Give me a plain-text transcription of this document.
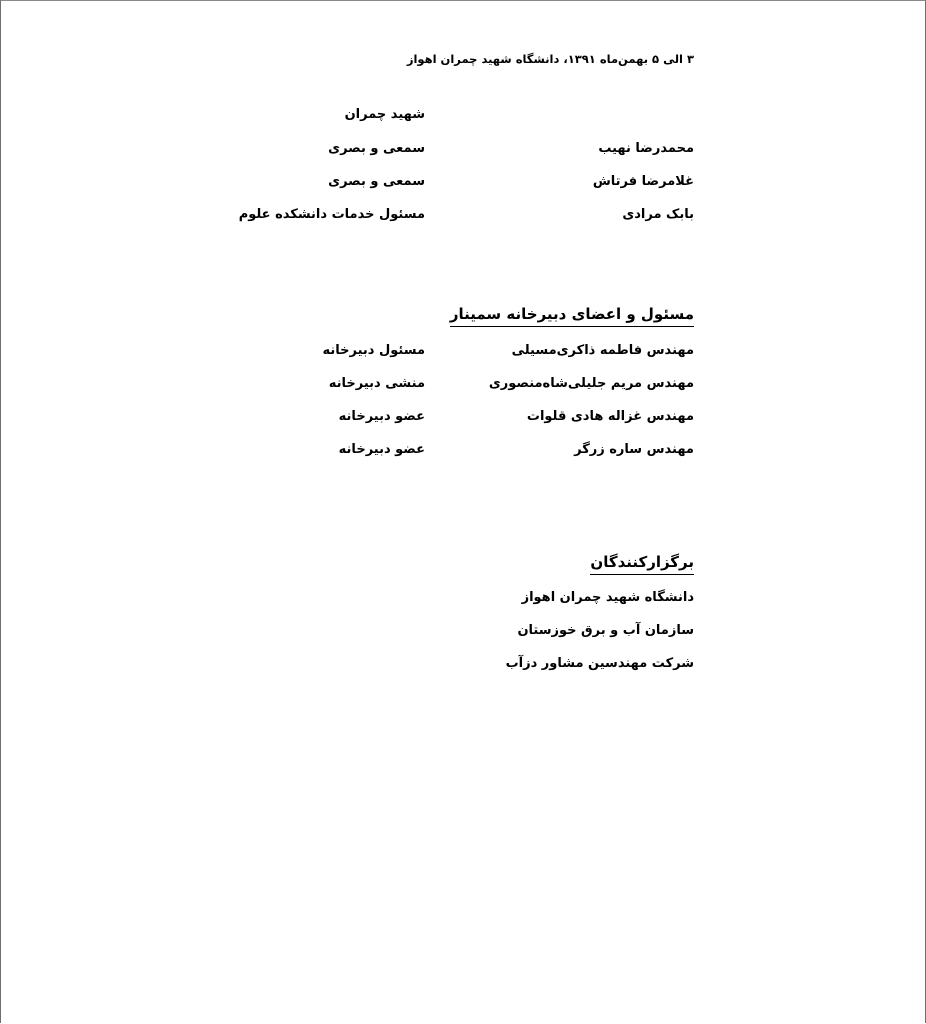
۳ الی ۵ بهمن‌ماه ۱۳۹۱، دانشگاه شهید چمران اهواز
شهید چمران
محمدرضا نهیب
سمعی و بصری
غلامرضا فرتاش
سمعی و بصری
بابک مرادی
مسئول خدمات دانشکده علوم
مسئول و اعضای دبیرخانه سمینار
مهندس فاطمه ذاکری‌مسیلی
مسئول دبیرخانه
مهندس مریم جلیلی‌شاه‌منصوری
منشی دبیرخانه
مهندس غزاله هادی قلوات
عضو دبیرخانه
مهندس ساره زرگر
عضو دبیرخانه
برگزارکنندگان
دانشگاه شهید چمران اهواز
سازمان آب و برق خوزستان
شرکت مهندسین مشاور دزآب
